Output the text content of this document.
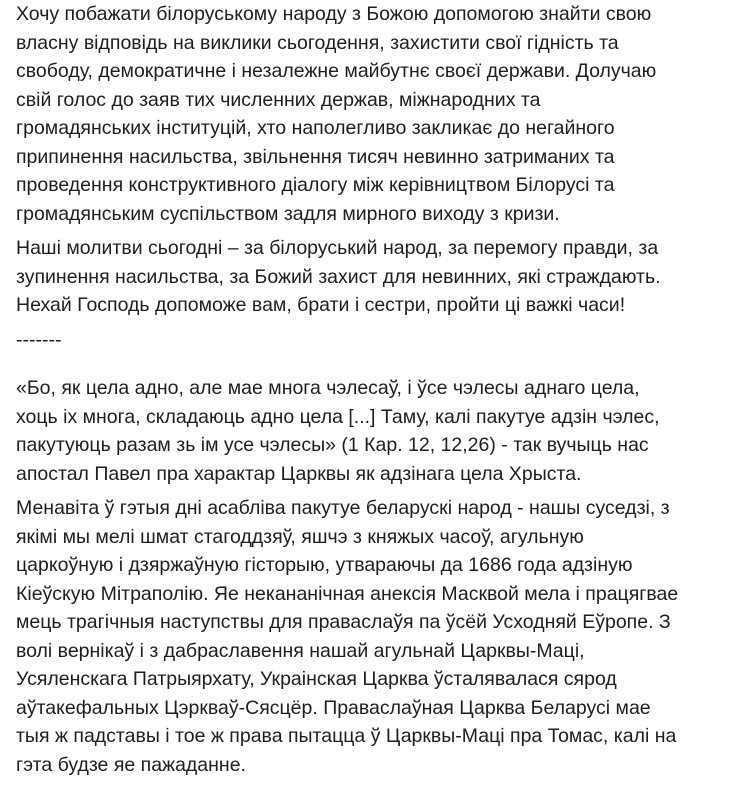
Хочу побажати білоруському народу з Божою допомогою знайти свою

власну відповідь на виклики сьогодення, захистити свої гідність та

свободу, демократичне і незалежне майбутнє своєї держави. Долучаю

свій голос до заяв тих численних держав, міжнародних та

громадянських інституцій, хто наполегливо закликає до негайного

припинення насильства, звільнення тисяч невинно затриманих та

проведення конструктивного діалогу між керівництвом Білорусі та

громадянським суспільством задля мирного виходу з кризи.

Наші молитви сьогодні – за білоруський народ, за перемогу правди, за

зупинення насильства, за Божий захист для невинних, які страждають.

Нехай Господь допоможе вам, брати і сестри, пройти ці важкі часи!

-------

«Бо, як цела адно, але мае многа чэлесаў, і ўсе чэлесы аднаго цела,

хоць іх многа, складаюць адно цела [...] Таму, калі пакутуе адзін чэлес,

пакутуюць разам зь ім усе чэлесы» (1 Кар. 12, 12,26) - так вучыць нас

апостал Павел пра характар Царквы як адзінага цела Хрыста.

Менавіта ў гэтыя дні асабліва пакутуе беларускі народ - нашы суседзі, з

якімі мы мелі шмат стагоддзяў, яшчэ з княжых часоў, агульную

царкоўную і дзяржаўную гісторыю, утвараючы да 1686 года адзіную

Кіеўскую Мітраполію. Яе некананічная анексія Масквой мела і працягвае

мець трагічныя наступствы для праваслаўя па ўсёй Усходняй Еўропе. З

волі вернікаў і з дабраславення нашай агульнай Царквы-Маці,

Усяленскага Патрыярхату, Украінская Царква ўсталявалася сярод

аўтакефальных Цэркваў-Сясцёр. Праваслаўная Царква Беларусі мае

тыя ж падставы і тое ж права пытацца ў Царквы-Маці пра Томас, калі на

гэта будзе яе пажаданне.
